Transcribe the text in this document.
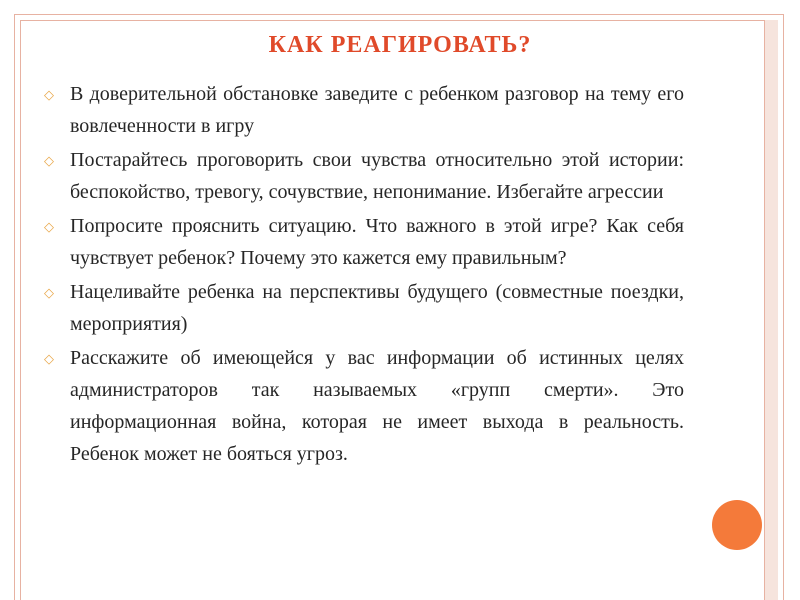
КАК РЕАГИРОВАТЬ?
◇ В доверительной обстановке заведите с ребенком разговор на тему его вовлеченности в игру
◇ Постарайтесь проговорить свои чувства относительно этой истории: беспокойство, тревогу, сочувствие, непонимание. Избегайте агрессии
◇ Попросите прояснить ситуацию. Что важного в этой игре? Как себя чувствует ребенок? Почему это кажется ему правильным?
◇ Нацеливайте ребенка на перспективы будущего (совместные поездки, мероприятия)
◇ Расскажите об имеющейся у вас информации об истинных целях администраторов так называемых «групп смерти». Это информационная война, которая не имеет выхода в реальность. Ребенок может не бояться угроз.
